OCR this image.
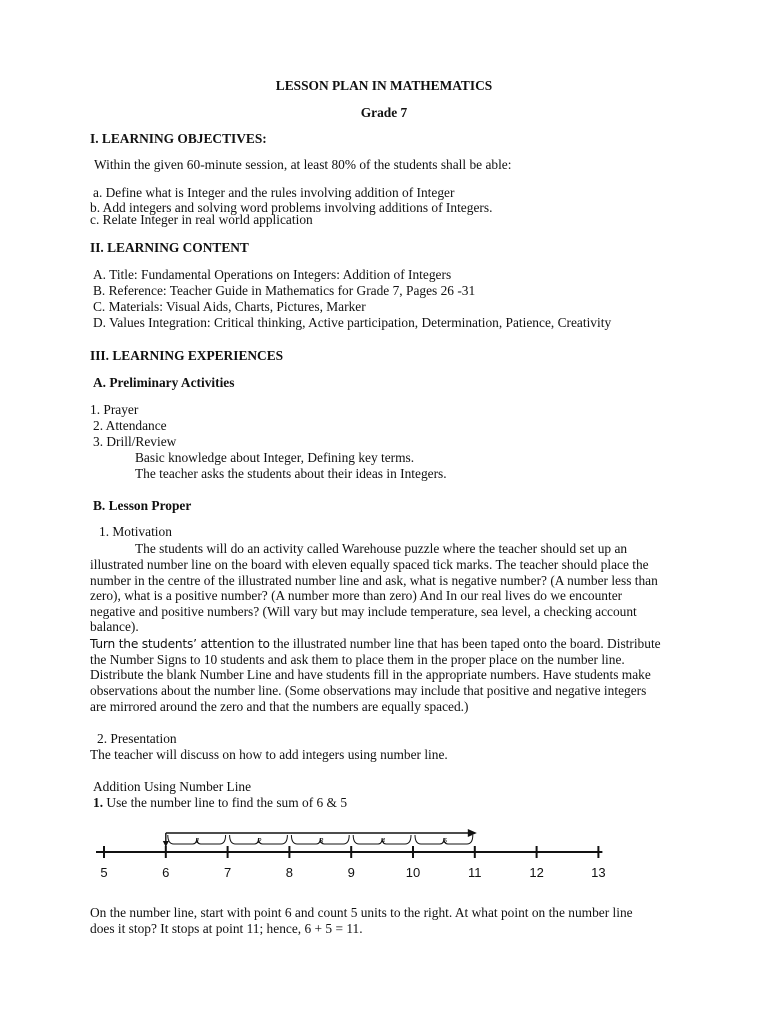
LESSON PLAN IN MATHEMATICS
Grade 7
I. LEARNING OBJECTIVES:
Within the given 60-minute session, at least 80% of the students shall be able:
a. Define what is Integer and the rules involving addition of Integer
b. Add integers and solving word problems involving additions of Integers.
c. Relate Integer in real world application
II. LEARNING CONTENT
A. Title: Fundamental Operations on Integers: Addition of Integers
B. Reference: Teacher Guide in Mathematics for Grade 7, Pages 26 -31
C. Materials: Visual Aids, Charts, Pictures, Marker
D. Values Integration: Critical thinking, Active participation, Determination, Patience, Creativity
III. LEARNING EXPERIENCES
A. Preliminary Activities
1. Prayer
2. Attendance
3. Drill/Review
Basic knowledge about Integer, Defining key terms.
The teacher asks the students about their ideas in Integers.
B. Lesson Proper
1. Motivation
The students will do an activity called Warehouse puzzle where the teacher should set up an
illustrated number line on the board with eleven equally spaced tick marks. The teacher should place the
number in the centre of the illustrated number line and ask, what is negative number? (A number less than
zero), what is a positive number? (A number more than zero) And In our real lives do we encounter
negative and positive numbers? (Will vary but may include temperature, sea level, a checking account
balance).
Turn the students’ attention to the illustrated number line that has been taped onto the board. Distribute
the Number Signs to 10 students and ask them to place them in the proper place on the number line.
Distribute the blank Number Line and have students fill in the appropriate numbers. Have students make
observations about the number line. (Some observations may include that positive and negative integers
are mirrored around the zero and that the numbers are equally spaced.)
2. Presentation
The teacher will discuss on how to add integers using number line.
Addition Using Number Line
1. Use the number line to find the sum of 6 & 5
5	6	7	8	9	10	11	12	13
1	2	3	4	5
On the number line, start with point 6 and count 5 units to the right. At what point on the number line
does it stop? It stops at point 11; hence, 6 + 5 = 11.
